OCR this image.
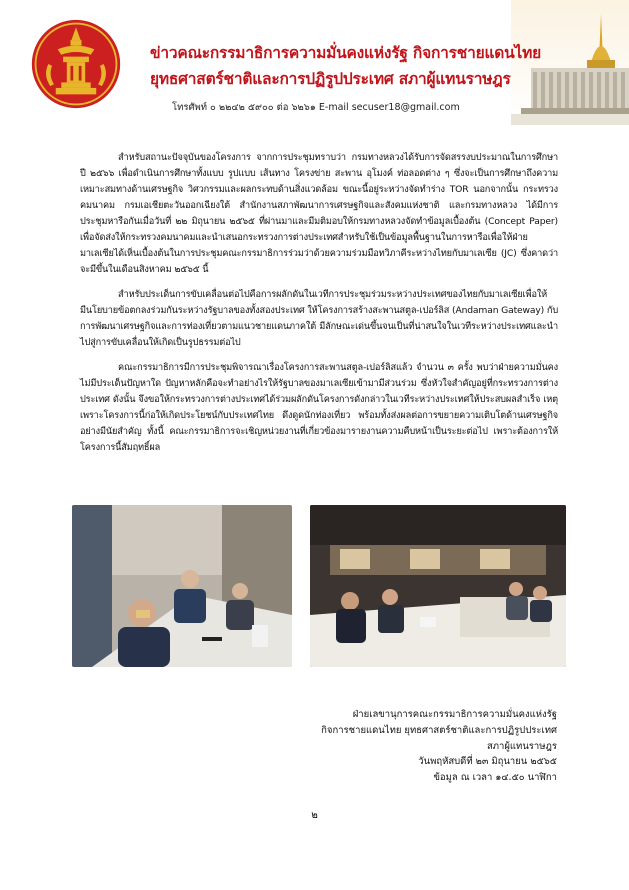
ข่าวคณะกรรมาธิการความมั่นคงแห่งรัฐ กิจการชายแดนไทย
ยุทธศาสตร์ชาติและการปฏิรูปประเทศ สภาผู้แทนราษฎร
โทรศัพท์ ๐ ๒๒๔๒ ๕๙๐๐ ต่อ ๖๒๖๑ E-mail secuser18@gmail.com

สำหรับสถานะปัจจุบันของโครงการ จากการประชุมทราบว่า กรมทางหลวงได้รับการจัดสรรงบประมาณในการศึกษา ปี ๒๕๖๖ เพื่อดำเนินการศึกษาทั้งแบบ รูปแบบ เส้นทาง โครงข่าย สะพาน อุโมงค์ ท่อลอดต่าง ๆ ซึ่งจะเป็นการศึกษาถึงความเหมาะสมทางด้านเศรษฐกิจ วิศวกรรมและผลกระทบด้านสิ่งแวดล้อม ขณะนี้อยู่ระหว่างจัดทำร่าง TOR นอกจากนั้น กระทรวงคมนาคม กรมเอเชียตะวันออกเฉียงใต้ สำนักงานสภาพัฒนาการเศรษฐกิจและสังคมแห่งชาติ และกรมทางหลวง ได้มีการประชุมหารือกันเมื่อวันที่ ๒๒ มิถุนายน ๒๕๖๕ ที่ผ่านมาและมีมติมอบให้กรมทางหลวงจัดทำข้อมูลเบื้องต้น (Concept Paper) เพื่อจัดส่งให้กระทรวงคมนาคมและนำเสนอกระทรวงการต่างประเทศสำหรับใช้เป็นข้อมูลพื้นฐานในการหารือเพื่อให้ฝ่ายมาเลเซียได้เห็นเบื้องต้นในการประชุมคณะกรรมาธิการร่วมว่าด้วยความร่วมมือทวิภาคีระหว่างไทยกับมาเลเซีย (JC) ซึ่งคาดว่าจะมีขึ้นในเดือนสิงหาคม ๒๕๖๕ นี้

สำหรับประเด็นการขับเคลื่อนต่อไปคือการผลักดันในเวทีการประชุมร่วมระหว่างประเทศของไทยกับมาเลเซียเพื่อให้มีนโยบายข้อตกลงร่วมกันระหว่างรัฐบาลของทั้งสองประเทศ ให้โครงการสร้างสะพานสตูล-เปอร์ลิส (Andaman Gateway) กับการพัฒนาเศรษฐกิจและการท่องเที่ยวตามแนวชายแดนภาคใต้ มีลักษณะเด่นขึ้นจนเป็นที่น่าสนใจในเวทีระหว่างประเทศและนำไปสู่การขับเคลื่อนให้เกิดเป็นรูปธรรมต่อไป

คณะกรรมาธิการมีการประชุมพิจารณาเรื่องโครงการสะพานสตูล-เปอร์ลิสแล้ว จำนวน ๓ ครั้ง พบว่าฝ่ายความมั่นคงไม่มีประเด็นปัญหาใด ปัญหาหลักคือจะทำอย่างไรให้รัฐบาลของมาเลเซียเข้ามามีส่วนร่วม ซึ่งหัวใจสำคัญอยู่ที่กระทรวงการต่างประเทศ ดังนั้น จึงขอให้กระทรวงการต่างประเทศได้ร่วมผลักดันโครงการดังกล่าวในเวทีระหว่างประเทศให้ประสบผลสำเร็จ เหตุเพราะโครงการนี้ก่อให้เกิดประโยชน์กับประเทศไทย ดึงดูดนักท่องเที่ยว พร้อมทั้งส่งผลต่อการขยายความเติบโตด้านเศรษฐกิจอย่างมีนัยสำคัญ ทั้งนี้ คณะกรรมาธิการจะเชิญหน่วยงานที่เกี่ยวข้องมารายงานความคืบหน้าเป็นระยะต่อไป เพราะต้องการให้โครงการนี้สัมฤทธิ์ผล

ฝ่ายเลขานุการคณะกรรมาธิการความมั่นคงแห่งรัฐ
กิจการชายแดนไทย ยุทธศาสตร์ชาติและการปฏิรูปประเทศ
สภาผู้แทนราษฎร
วันพฤหัสบดีที่ ๒๓ มิถุนายน ๒๕๖๕
ข้อมูล ณ เวลา ๑๔.๕๐ นาฬิกา
๒
